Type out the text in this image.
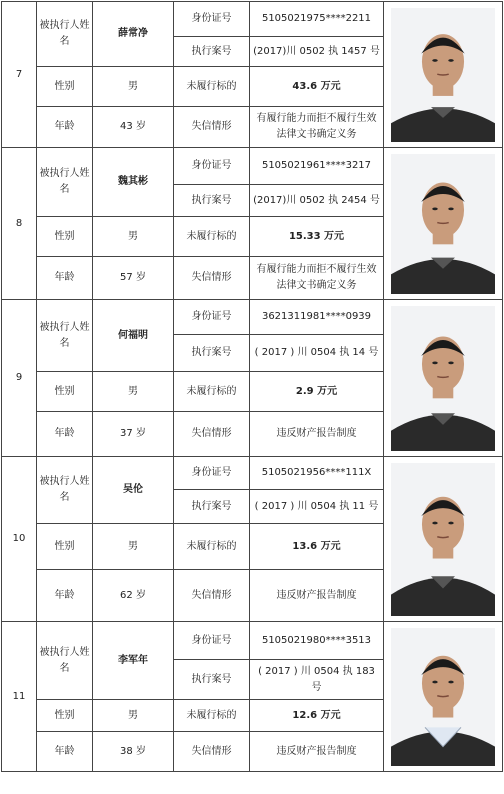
7	被执行人姓名	薛常净	身份证号	5105021975****2211	

			执行案号	(2017)川 0502 执 1457 号	
	性别	男	未履行标的	43.6 万元	
	年龄	43 岁	失信情形	有履行能力而拒不履行生效法律文书确定义务	
8	被执行人姓名	魏其彬	身份证号	5105021961****3217	

			执行案号	(2017)川 0502 执 2454 号	
	性别	男	未履行标的	15.33 万元	
	年龄	57 岁	失信情形	有履行能力而拒不履行生效法律文书确定义务	
9	被执行人姓名	何福明	身份证号	3621311981****0939	

			执行案号	( 2017 ) 川 0504 执 14 号	
	性别	男	未履行标的	2.9 万元	
	年龄	37 岁	失信情形	违反财产报告制度	
10	被执行人姓名	吴伦	身份证号	5105021956****111X	

			执行案号	( 2017 ) 川 0504 执 11 号	
	性别	男	未履行标的	13.6 万元	
	年龄	62 岁	失信情形	违反财产报告制度	
11	被执行人姓名	李军年	身份证号	5105021980****3513	

			执行案号	( 2017 ) 川 0504 执 183 号	
	性别	男	未履行标的	12.6 万元	
	年龄	38 岁	失信情形	违反财产报告制度	
